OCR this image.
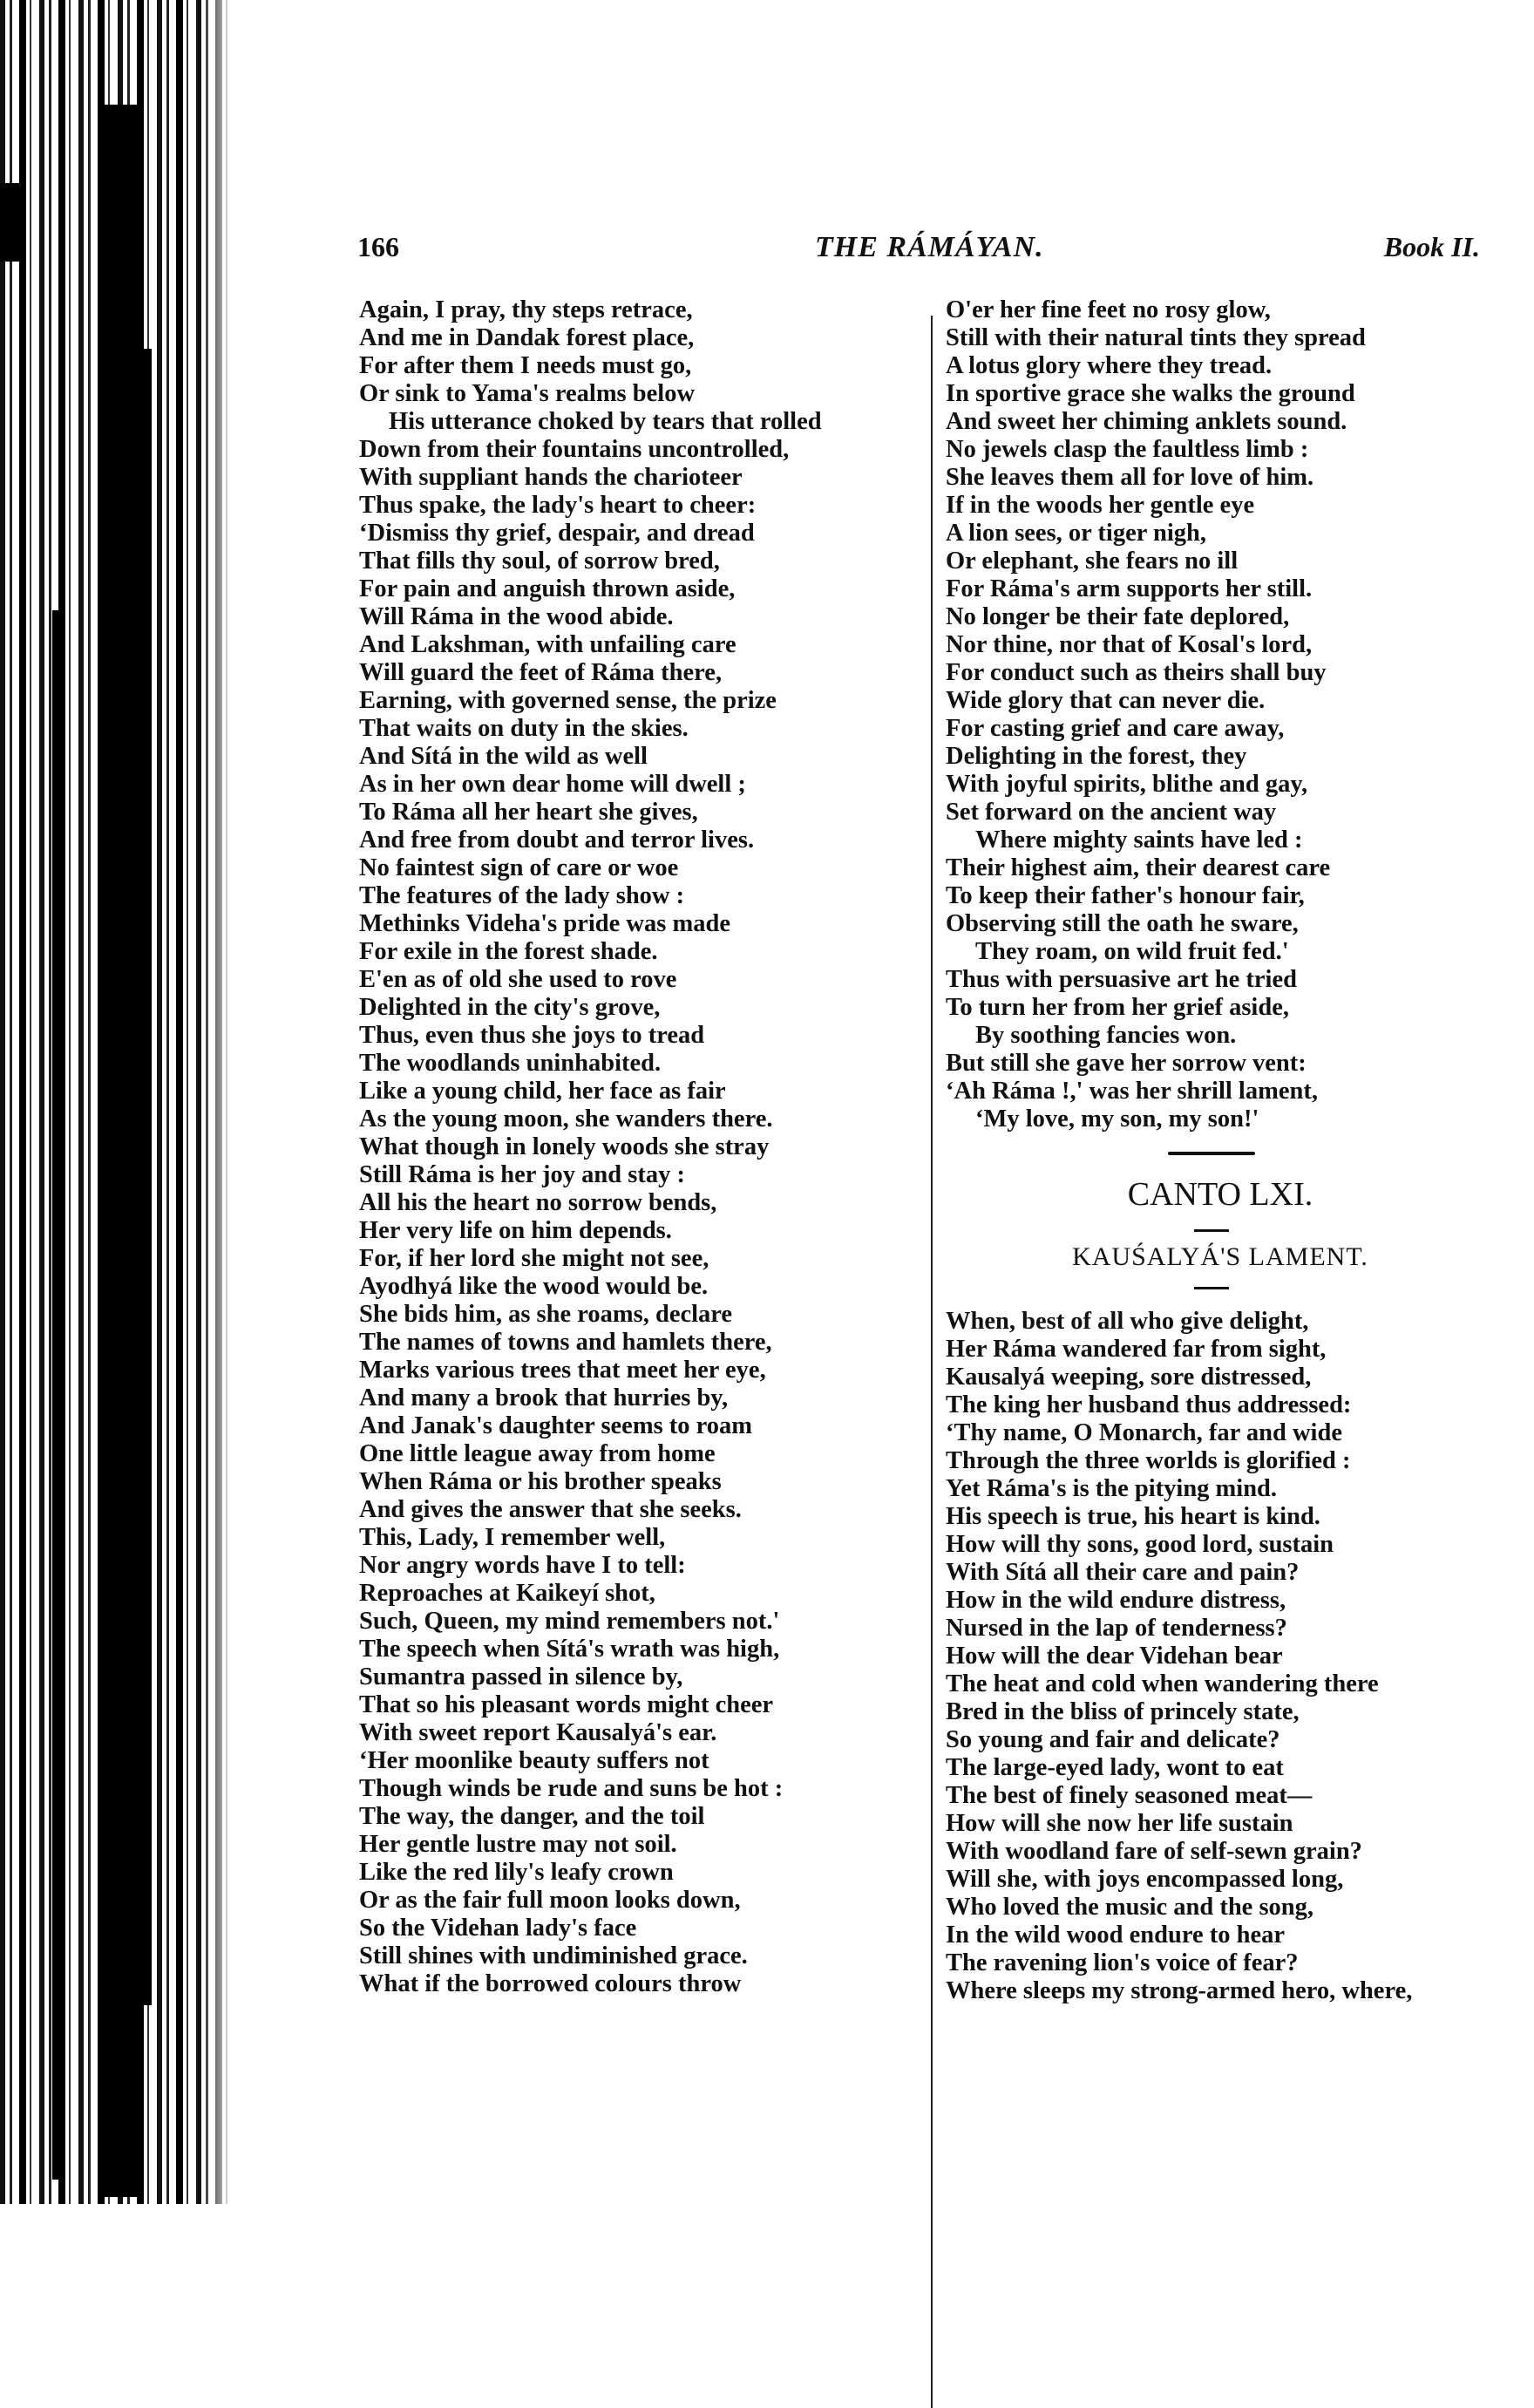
166	THE RÁMÁYAN.	Book II.
Again, I pray, thy steps retrace,
And me in Dandak forest place,
For after them I needs must go,
Or sink to Yama's realms below
His utterance choked by tears that rolled
Down from their fountains uncontrolled,
With suppliant hands the charioteer
Thus spake, the lady's heart to cheer:
‘Dismiss thy grief, despair, and dread
That fills thy soul, of sorrow bred,
For pain and anguish thrown aside,
Will Ráma in the wood abide.
And Lakshman, with unfailing care
Will guard the feet of Ráma there,
Earning, with governed sense, the prize
That waits on duty in the skies.
And Sítá in the wild as well
As in her own dear home will dwell ;
To Ráma all her heart she gives,
And free from doubt and terror lives.
No faintest sign of care or woe
The features of the lady show :
Methinks Videha's pride was made
For exile in the forest shade.
E'en as of old she used to rove
Delighted in the city's grove,
Thus, even thus she joys to tread
The woodlands uninhabited.
Like a young child, her face as fair
As the young moon, she wanders there.
What though in lonely woods she stray
Still Ráma is her joy and stay :
All his the heart no sorrow bends,
Her very life on him depends.
For, if her lord she might not see,
Ayodhyá like the wood would be.
She bids him, as she roams, declare
The names of towns and hamlets there,
Marks various trees that meet her eye,
And many a brook that hurries by,
And Janak's daughter seems to roam
One little league away from home
When Ráma or his brother speaks
And gives the answer that she seeks.
This, Lady, I remember well,
Nor angry words have I to tell:
Reproaches at Kaikeyí shot,
Such, Queen, my mind remembers not.'
The speech when Sítá's wrath was high,
Sumantra passed in silence by,
That so his pleasant words might cheer
With sweet report Kausalyá's ear.
‘Her moonlike beauty suffers not
Though winds be rude and suns be hot :
The way, the danger, and the toil
Her gentle lustre may not soil.
Like the red lily's leafy crown
Or as the fair full moon looks down,
So the Videhan lady's face
Still shines with undiminished grace.
What if the borrowed colours throw
O'er her fine feet no rosy glow,
Still with their natural tints they spread
A lotus glory where they tread.
In sportive grace she walks the ground
And sweet her chiming anklets sound.
No jewels clasp the faultless limb :
She leaves them all for love of him.
If in the woods her gentle eye
A lion sees, or tiger nigh,
Or elephant, she fears no ill
For Ráma's arm supports her still.
No longer be their fate deplored,
Nor thine, nor that of Kosal's lord,
For conduct such as theirs shall buy
Wide glory that can never die.
For casting grief and care away,
Delighting in the forest, they
With joyful spirits, blithe and gay,
Set forward on the ancient way
Where mighty saints have led :
Their highest aim, their dearest care
To keep their father's honour fair,
Observing still the oath he sware,
They roam, on wild fruit fed.'
Thus with persuasive art he tried
To turn her from her grief aside,
By soothing fancies won.
But still she gave her sorrow vent:
‘Ah Ráma !,' was her shrill lament,
‘My love, my son, my son!'
CANTO LXI.
KAUŚALYÁ'S LAMENT.
When, best of all who give delight,
Her Ráma wandered far from sight,
Kausalyá weeping, sore distressed,
The king her husband thus addressed:
‘Thy name, O Monarch, far and wide
Through the three worlds is glorified :
Yet Ráma's is the pitying mind.
His speech is true, his heart is kind.
How will thy sons, good lord, sustain
With Sítá all their care and pain?
How in the wild endure distress,
Nursed in the lap of tenderness?
How will the dear Videhan bear
The heat and cold when wandering there
Bred in the bliss of princely state,
So young and fair and delicate?
The large-eyed lady, wont to eat
The best of finely seasoned meat—
How will she now her life sustain
With woodland fare of self-sewn grain?
Will she, with joys encompassed long,
Who loved the music and the song,
In the wild wood endure to hear
The ravening lion's voice of fear?
Where sleeps my strong-armed hero, where,
